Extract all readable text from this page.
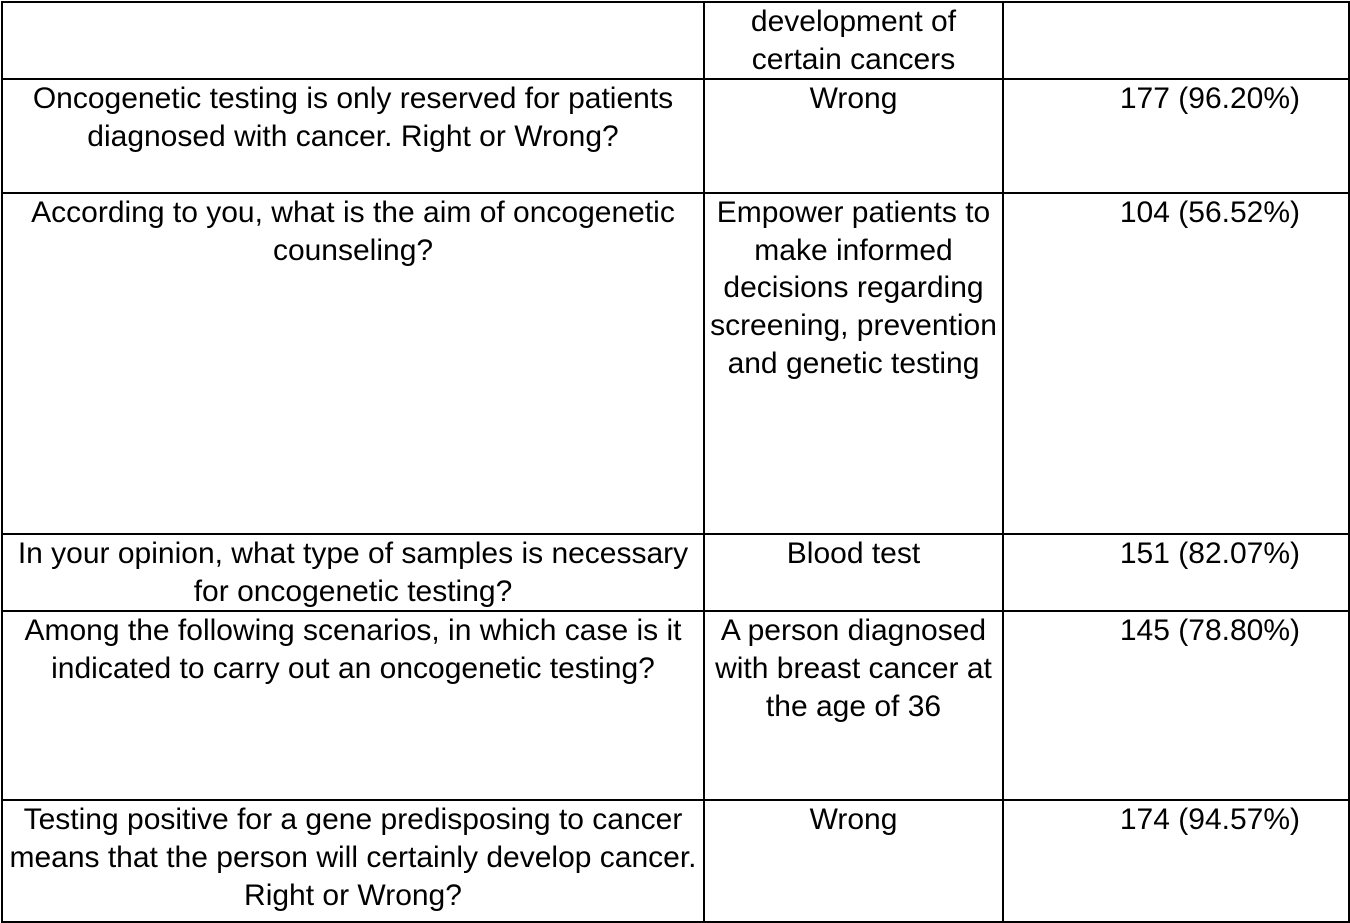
	development of certain cancers	
Oncogenetic testing is only reserved for patients diagnosed with cancer. Right or Wrong?	Wrong	177 (96.20%)
According to you, what is the aim of oncogenetic counseling?	Empower patients to make informed decisions regarding screening, prevention and genetic testing	104 (56.52%)
In your opinion, what type of samples is necessary for oncogenetic testing?	Blood test	151 (82.07%)
Among the following scenarios, in which case is it indicated to carry out an oncogenetic testing?	A person diagnosed with breast cancer at the age of 36	145 (78.80%)
Testing positive for a gene predisposing to cancer means that the person will certainly develop cancer. Right or Wrong?	Wrong	174 (94.57%)
